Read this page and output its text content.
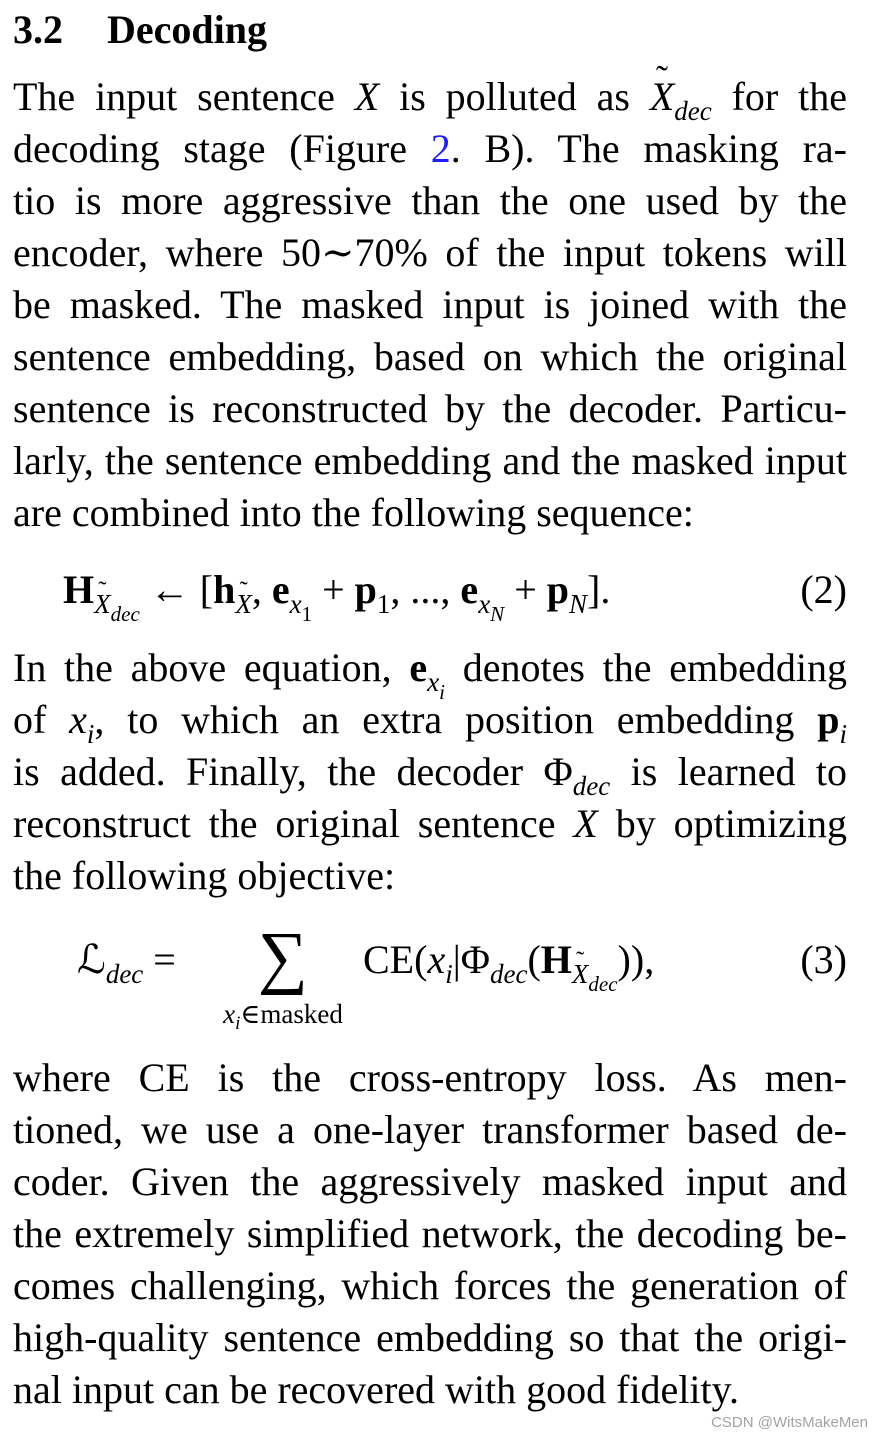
3.2 Decoding
The input sentence X is polluted as ˜ $X_{dec}$ for the
decoding stage (Figure 2. B). The masking ra-
tio is more aggressive than the one used by the
encoder, where 50∼70% of the input tokens will
be masked. The masked input is joined with the
sentence embedding, based on which the original
sentence is reconstructed by the decoder. Particu-
larly, the sentence embedding and the masked input
are combined into the following sequence:
H˜ $_{X_{dec}}$ ← [h˜ $_X$, $e_{x_1} + p_1$, ..., $e_{x_N} + p_N$].	(2)
In the above equation, $e_{x_i}$ denotes the embedding
of $x_i$, to which an extra position embedding $p_i$
is added. Finally, the decoder $\Phi_{dec}$ is learned to
reconstruct the original sentence X by optimizing
the following objective:
ℒ$_{dec}$ =	$CE(x_i|\Phi_{dec}(H˜$ $_{X_{dec}}$)),	(3)
∑
$x_i\in masked$
where CE is the cross-entropy loss. As men-
tioned, we use a one-layer transformer based de-
coder. Given the aggressively masked input and
the extremely simplified network, the decoding be-
comes challenging, which forces the generation of
high-quality sentence embedding so that the origi-
nal input can be recovered with good fidelity.
CSDN @WitsMakeMen
